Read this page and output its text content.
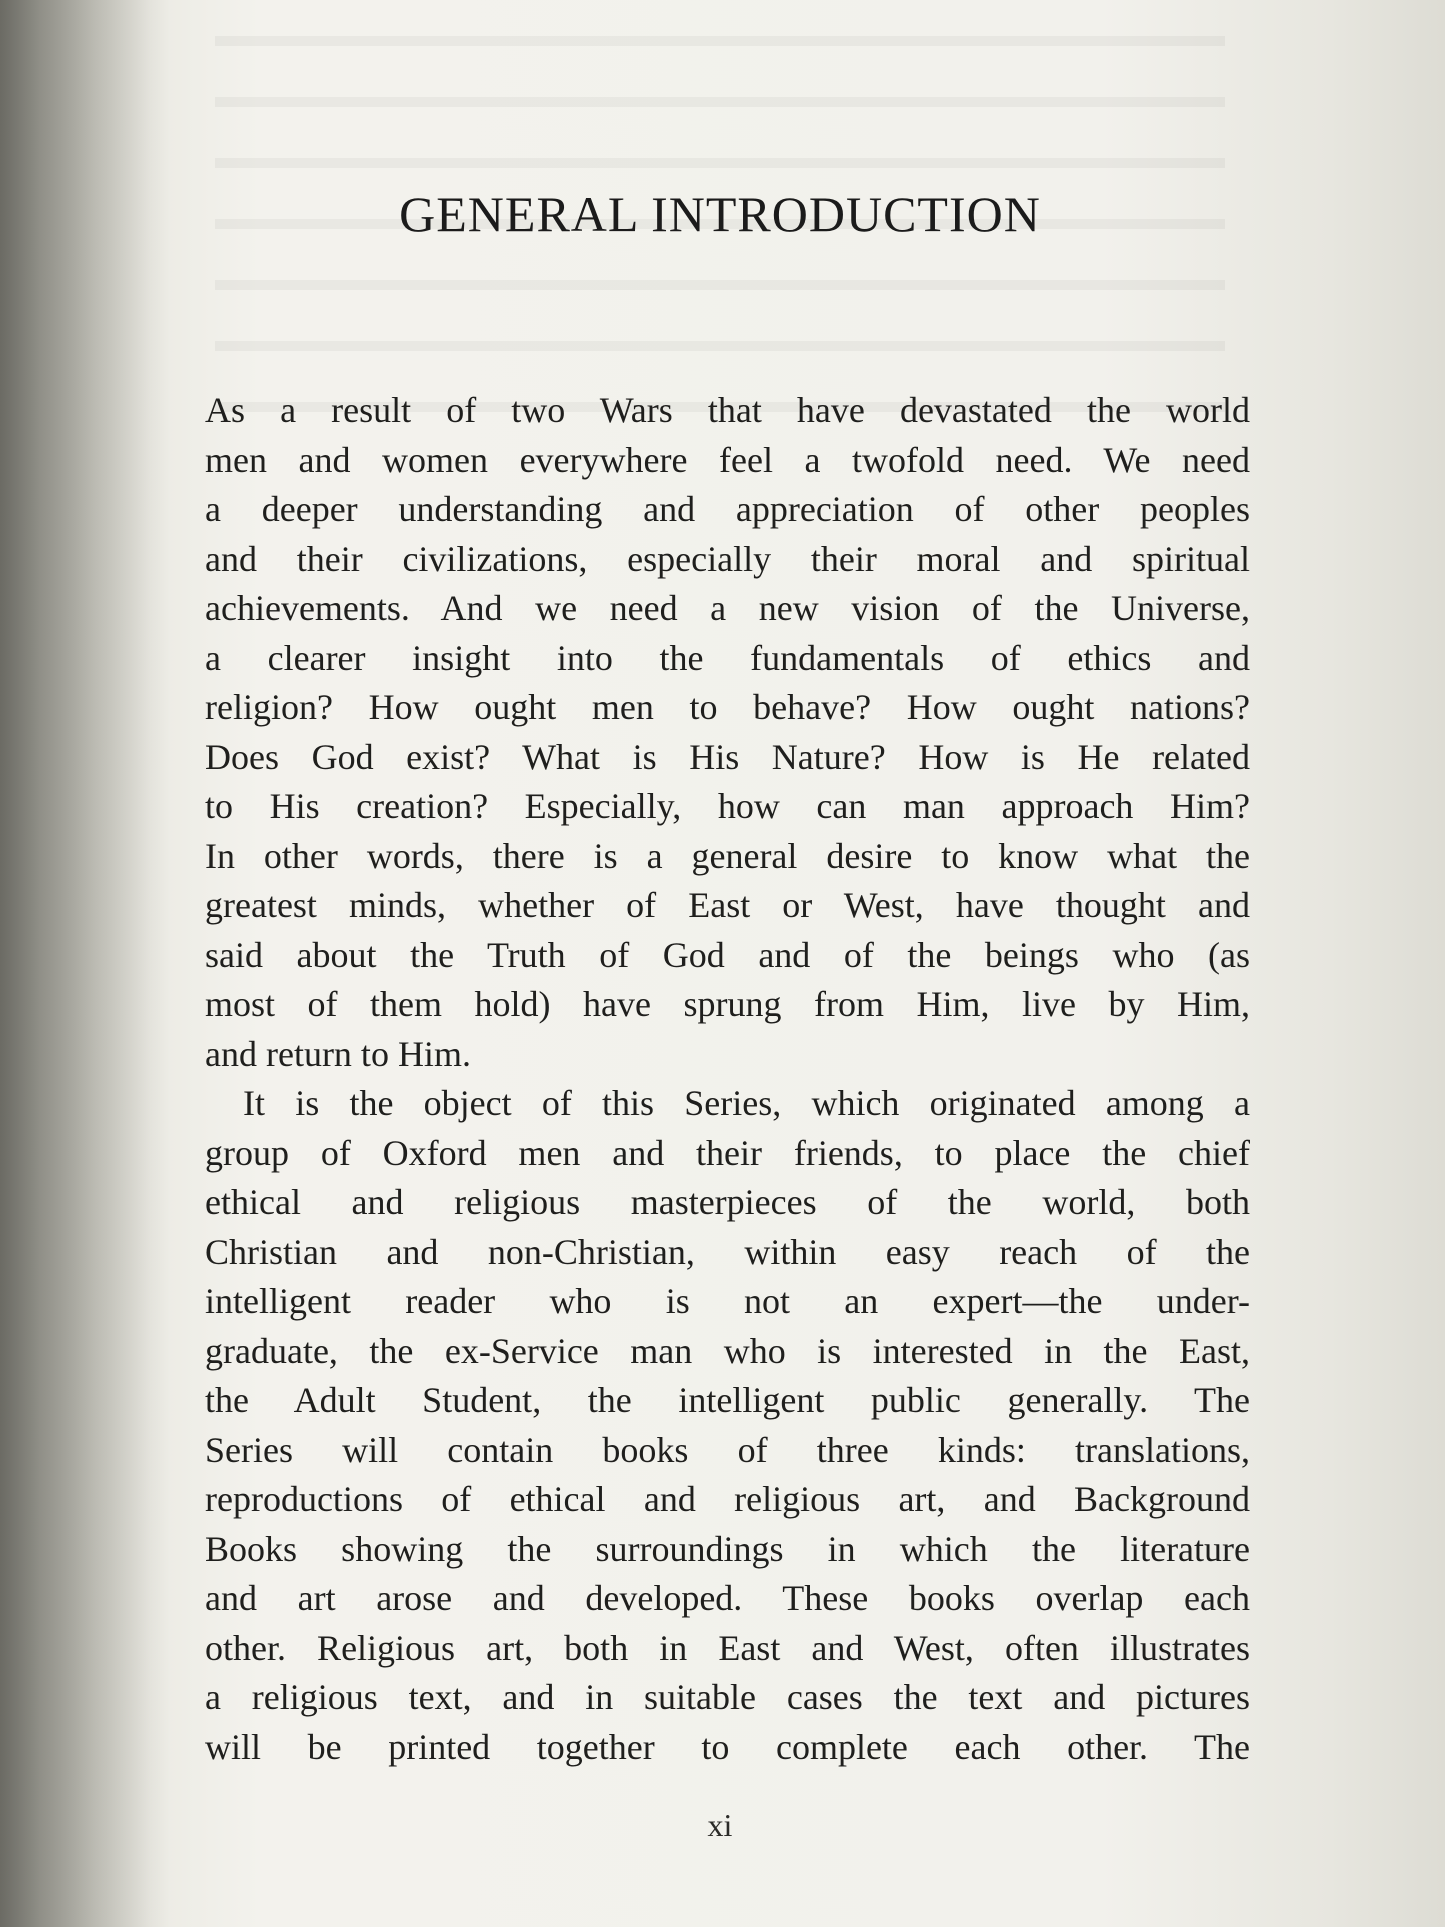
GENERAL INTRODUCTION
As a result of two Wars that have devastated the world
men and women everywhere feel a twofold need. We need
a deeper understanding and appreciation of other peoples
and their civilizations, especially their moral and spiritual
achievements. And we need a new vision of the Universe,
a clearer insight into the fundamentals of ethics and
religion? How ought men to behave? How ought nations?
Does God exist? What is His Nature? How is He related
to His creation? Especially, how can man approach Him?
In other words, there is a general desire to know what the
greatest minds, whether of East or West, have thought and
said about the Truth of God and of the beings who (as
most of them hold) have sprung from Him, live by Him,
and return to Him.
It is the object of this Series, which originated among a
group of Oxford men and their friends, to place the chief
ethical and religious masterpieces of the world, both
Christian and non-Christian, within easy reach of the
intelligent reader who is not an expert—the under-
graduate, the ex-Service man who is interested in the East,
the Adult Student, the intelligent public generally. The
Series will contain books of three kinds: translations,
reproductions of ethical and religious art, and Background
Books showing the surroundings in which the literature
and art arose and developed. These books overlap each
other. Religious art, both in East and West, often illustrates
a religious text, and in suitable cases the text and pictures
will be printed together to complete each other. The
xi
